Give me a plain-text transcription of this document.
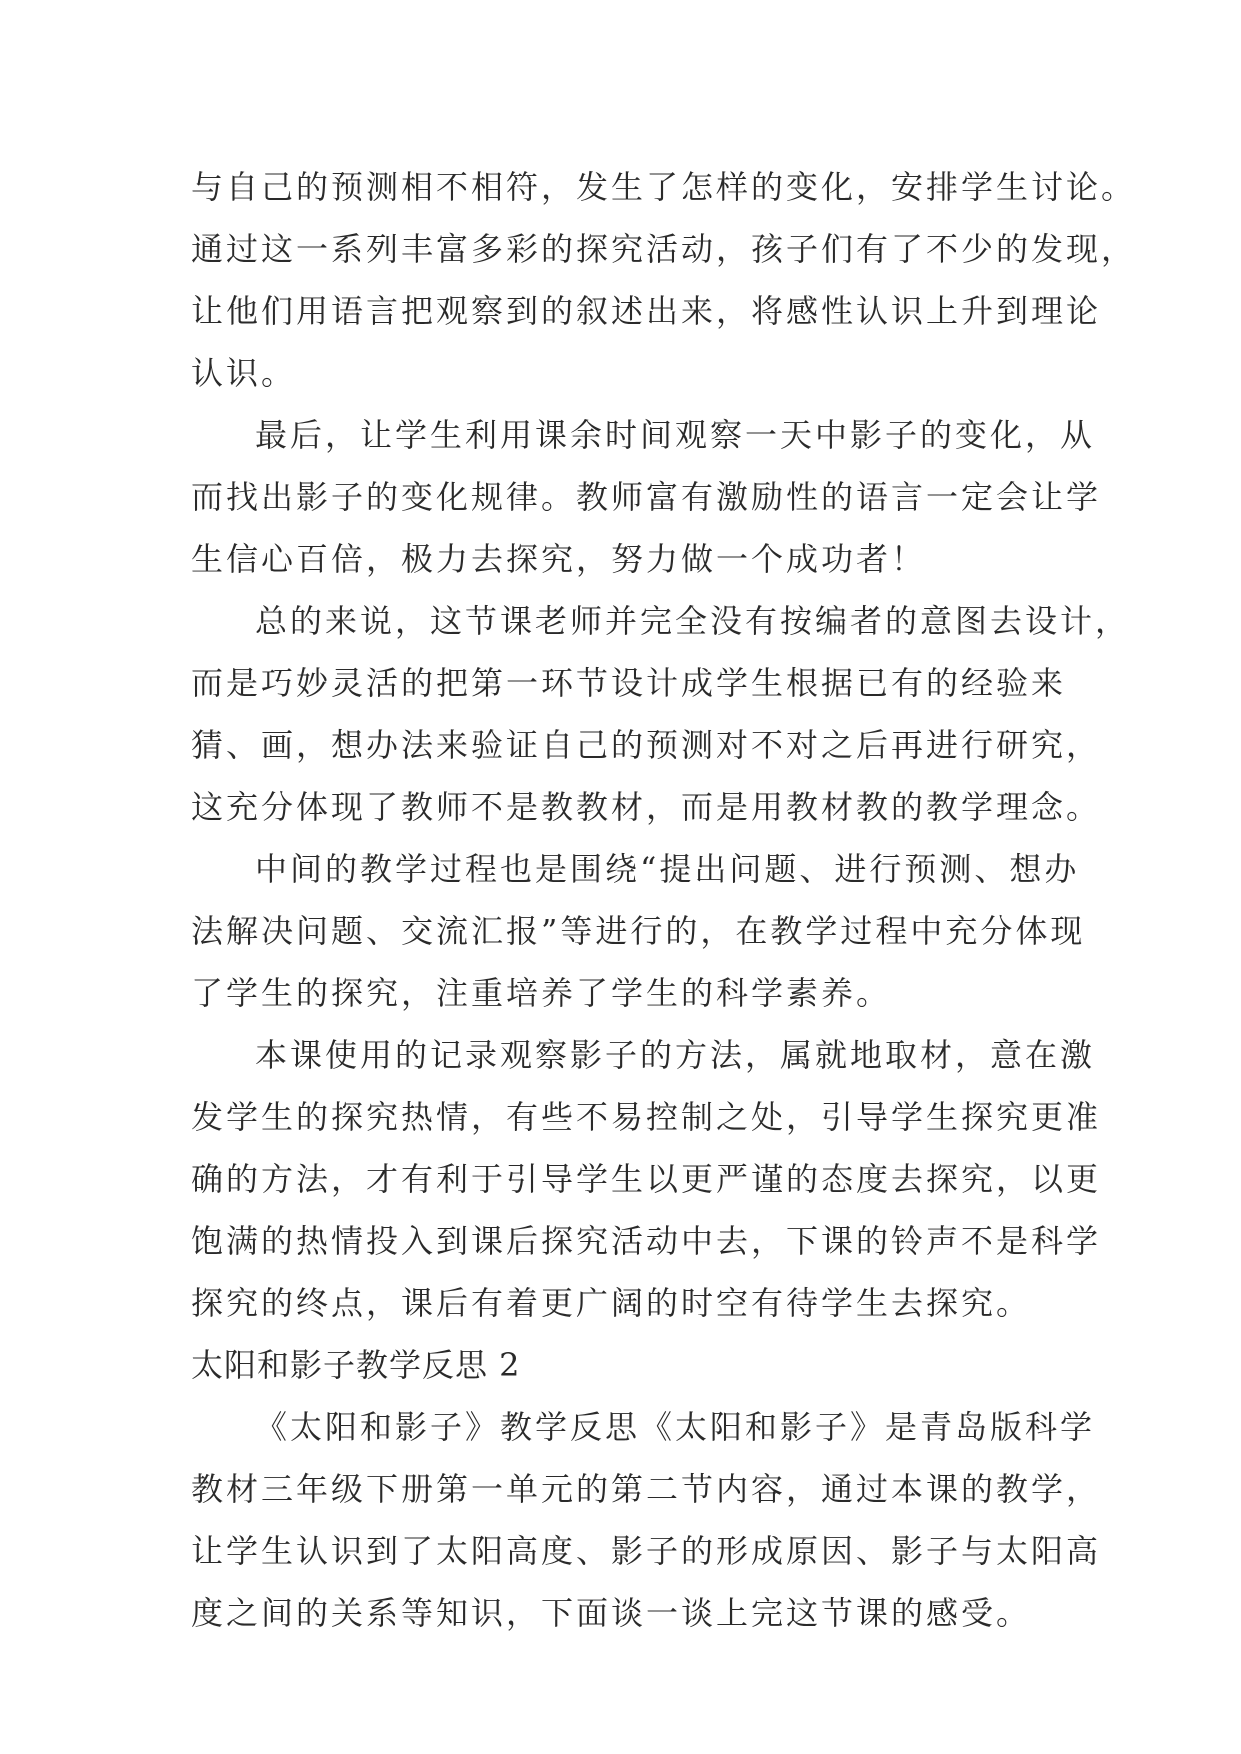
与自己的预测相不相符，发生了怎样的变化，安排学生讨论。
通过这一系列丰富多彩的探究活动，孩子们有了不少的发现，
让他们用语言把观察到的叙述出来，将感性认识上升到理论
认识。
最后，让学生利用课余时间观察一天中影子的变化，从
而找出影子的变化规律。教师富有激励性的语言一定会让学
生信心百倍，极力去探究，努力做一个成功者！
总的来说，这节课老师并完全没有按编者的意图去设计，
而是巧妙灵活的把第一环节设计成学生根据已有的经验来
猜、画，想办法来验证自己的预测对不对之后再进行研究，
这充分体现了教师不是教教材，而是用教材教的教学理念。
中间的教学过程也是围绕“提出问题、进行预测、想办
法解决问题、交流汇报”等进行的，在教学过程中充分体现
了学生的探究，注重培养了学生的科学素养。
本课使用的记录观察影子的方法，属就地取材，意在激
发学生的探究热情，有些不易控制之处，引导学生探究更准
确的方法，才有利于引导学生以更严谨的态度去探究，以更
饱满的热情投入到课后探究活动中去，下课的铃声不是科学
探究的终点，课后有着更广阔的时空有待学生去探究。
太阳和影子教学反思 2
《太阳和影子》教学反思《太阳和影子》是青岛版科学
教材三年级下册第一单元的第二节内容，通过本课的教学，
让学生认识到了太阳高度、影子的形成原因、影子与太阳高
度之间的关系等知识，下面谈一谈上完这节课的感受。
